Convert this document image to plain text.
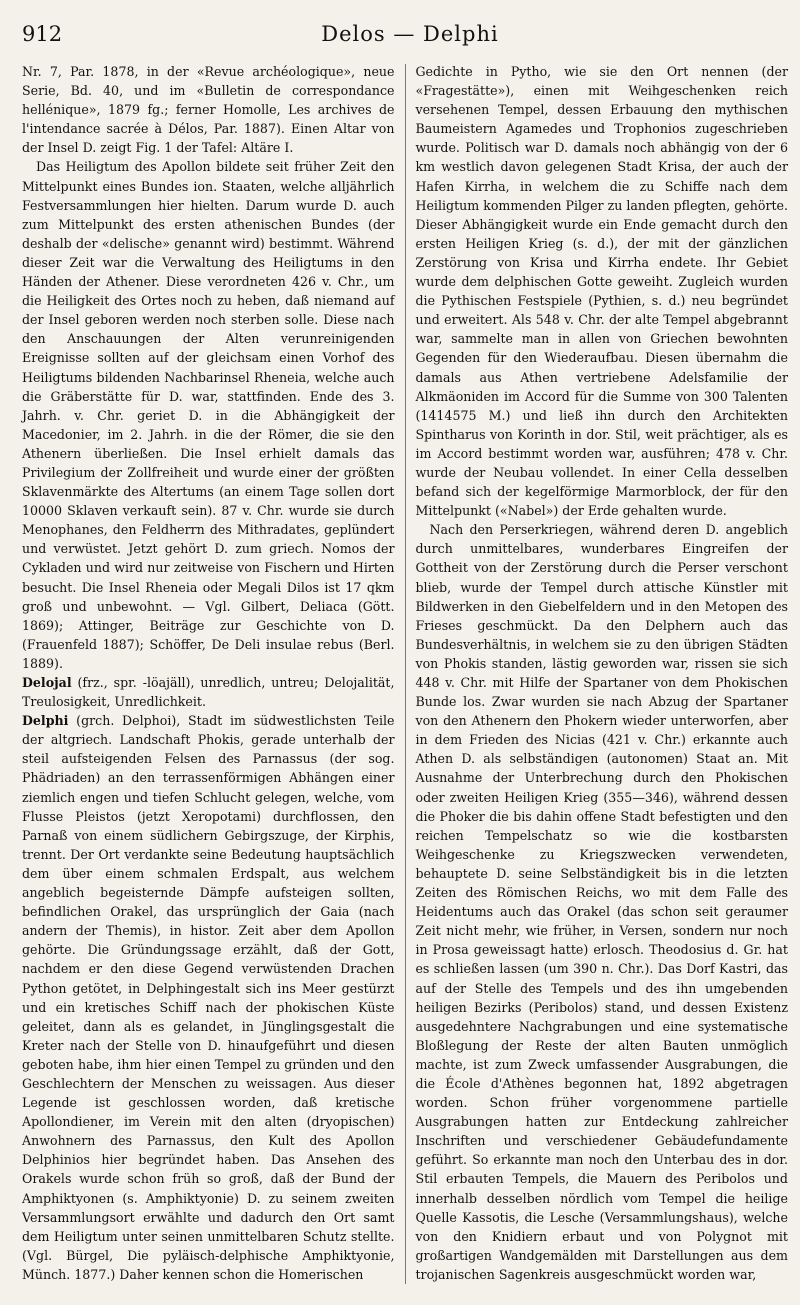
912	Delos — Delphi

Nr. 7, Par. 1878, in der «Revue archéologique», neue Serie, Bd. 40, und im «Bulletin de correspondance hellénique», 1879 fg.; ferner Homolle, Les archives de l'intendance sacrée à Délos, Par. 1887). Einen Altar von der Insel D. zeigt Fig. 1 der Tafel: Altäre I.

Das Heiligtum des Apollon bildete seit früher Zeit den Mittelpunkt eines Bundes ion. Staaten, welche alljährlich Festversammlungen hier hielten. Darum wurde D. auch zum Mittelpunkt des ersten athenischen Bundes (der deshalb der «delische» genannt wird) bestimmt. Während dieser Zeit war die Verwaltung des Heiligtums in den Händen der Athener. Diese verordneten 426 v. Chr., um die Heiligkeit des Ortes noch zu heben, daß niemand auf der Insel geboren werden noch sterben solle. Diese nach den Anschauungen der Alten verunreinigenden Ereignisse sollten auf der gleichsam einen Vorhof des Heiligtums bildenden Nachbarinsel Rheneia, welche auch die Gräberstätte für D. war, stattfinden. Ende des 3. Jahrh. v. Chr. geriet D. in die Abhängigkeit der Macedonier, im 2. Jahrh. in die der Römer, die sie den Athenern überließen. Die Insel erhielt damals das Privilegium der Zollfreiheit und wurde einer der größten Sklavenmärkte des Altertums (an einem Tage sollen dort 10000 Sklaven verkauft sein). 87 v. Chr. wurde sie durch Menophanes, den Feldherrn des Mithradates, geplündert und verwüstet. Jetzt gehört D. zum griech. Nomos der Cykladen und wird nur zeitweise von Fischern und Hirten besucht. Die Insel Rheneia oder Megali Dilos ist 17 qkm groß und unbewohnt. — Vgl. Gilbert, Deliaca (Gött. 1869); Attinger, Beiträge zur Geschichte von D. (Frauenfeld 1887); Schöffer, De Deli insulae rebus (Berl. 1889).

Delojal (frz., spr. -löajäll), unredlich, untreu; Delojalität, Treulosigkeit, Unredlichkeit.

Delphi (grch. Delphoi), Stadt im südwestlichsten Teile der altgriech. Landschaft Phokis, gerade unterhalb der steil aufsteigenden Felsen des Parnassus (der sog. Phädriaden) an den terrassenförmigen Abhängen einer ziemlich engen und tiefen Schlucht gelegen, welche, vom Flusse Pleistos (jetzt Xeropotami) durchflossen, den Parnaß von einem südlichern Gebirgszuge, der Kirphis, trennt. Der Ort verdankte seine Bedeutung hauptsächlich dem über einem schmalen Erdspalt, aus welchem angeblich begeisternde Dämpfe aufsteigen sollten, befindlichen Orakel, das ursprünglich der Gaia (nach andern der Themis), in histor. Zeit aber dem Apollon gehörte. Die Gründungssage erzählt, daß der Gott, nachdem er den diese Gegend verwüstenden Drachen Python getötet, in Delphingestalt sich ins Meer gestürzt und ein kretisches Schiff nach der phokischen Küste geleitet, dann als es gelandet, in Jünglingsgestalt die Kreter nach der Stelle von D. hinaufgeführt und diesen geboten habe, ihm hier einen Tempel zu gründen und den Geschlechtern der Menschen zu weissagen. Aus dieser Legende ist geschlossen worden, daß kretische Apollondiener, im Verein mit den alten (dryopischen) Anwohnern des Parnassus, den Kult des Apollon Delphinios hier begründet haben. Das Ansehen des Orakels wurde schon früh so groß, daß der Bund der Amphiktyonen (s. Amphiktyonie) D. zu seinem zweiten Versammlungsort erwählte und dadurch den Ort samt dem Heiligtum unter seinen unmittelbaren Schutz stellte. (Vgl. Bürgel, Die pyläisch-delphische Amphiktyonie, Münch. 1877.) Daher kennen schon die Homerischen

Gedichte in Pytho, wie sie den Ort nennen (der «Fragestätte»), einen mit Weihgeschenken reich versehenen Tempel, dessen Erbauung den mythischen Baumeistern Agamedes und Trophonios zugeschrieben wurde. Politisch war D. damals noch abhängig von der 6 km westlich davon gelegenen Stadt Krisa, der auch der Hafen Kirrha, in welchem die zu Schiffe nach dem Heiligtum kommenden Pilger zu landen pflegten, gehörte. Dieser Abhängigkeit wurde ein Ende gemacht durch den ersten Heiligen Krieg (s. d.), der mit der gänzlichen Zerstörung von Krisa und Kirrha endete. Ihr Gebiet wurde dem delphischen Gotte geweiht. Zugleich wurden die Pythischen Festspiele (Pythien, s. d.) neu begründet und erweitert. Als 548 v. Chr. der alte Tempel abgebrannt war, sammelte man in allen von Griechen bewohnten Gegenden für den Wiederaufbau. Diesen übernahm die damals aus Athen vertriebene Adelsfamilie der Alkmäoniden im Accord für die Summe von 300 Talenten (1414575 M.) und ließ ihn durch den Architekten Spintharus von Korinth in dor. Stil, weit prächtiger, als es im Accord bestimmt worden war, ausführen; 478 v. Chr. wurde der Neubau vollendet. In einer Cella desselben befand sich der kegelförmige Marmorblock, der für den Mittelpunkt («Nabel») der Erde gehalten wurde.

Nach den Perserkriegen, während deren D. angeblich durch unmittelbares, wunderbares Eingreifen der Gottheit von der Zerstörung durch die Perser verschont blieb, wurde der Tempel durch attische Künstler mit Bildwerken in den Giebelfeldern und in den Metopen des Frieses geschmückt. Da den Delphern auch das Bundesverhältnis, in welchem sie zu den übrigen Städten von Phokis standen, lästig geworden war, rissen sie sich 448 v. Chr. mit Hilfe der Spartaner von dem Phokischen Bunde los. Zwar wurden sie nach Abzug der Spartaner von den Athenern den Phokern wieder unterworfen, aber in dem Frieden des Nicias (421 v. Chr.) erkannte auch Athen D. als selbständigen (autonomen) Staat an. Mit Ausnahme der Unterbrechung durch den Phokischen oder zweiten Heiligen Krieg (355—346), während dessen die Phoker die bis dahin offene Stadt befestigten und den reichen Tempelschatz so wie die kostbarsten Weihgeschenke zu Kriegszwecken verwendeten, behauptete D. seine Selbständigkeit bis in die letzten Zeiten des Römischen Reichs, wo mit dem Falle des Heidentums auch das Orakel (das schon seit geraumer Zeit nicht mehr, wie früher, in Versen, sondern nur noch in Prosa geweissagt hatte) erlosch. Theodosius d. Gr. hat es schließen lassen (um 390 n. Chr.). Das Dorf Kastri, das auf der Stelle des Tempels und des ihn umgebenden heiligen Bezirks (Peribolos) stand, und dessen Existenz ausgedehntere Nachgrabungen und eine systematische Bloßlegung der Reste der alten Bauten unmöglich machte, ist zum Zweck umfassender Ausgrabungen, die die École d'Athènes begonnen hat, 1892 abgetragen worden. Schon früher vorgenommene partielle Ausgrabungen hatten zur Entdeckung zahlreicher Inschriften und verschiedener Gebäudefundamente geführt. So erkannte man noch den Unterbau des in dor. Stil erbauten Tempels, die Mauern des Peribolos und innerhalb desselben nördlich vom Tempel die heilige Quelle Kassotis, die Lesche (Versammlungshaus), welche von den Knidiern erbaut und von Polygnot mit großartigen Wandgemälden mit Darstellungen aus dem trojanischen Sagenkreis ausgeschmückt worden war,
